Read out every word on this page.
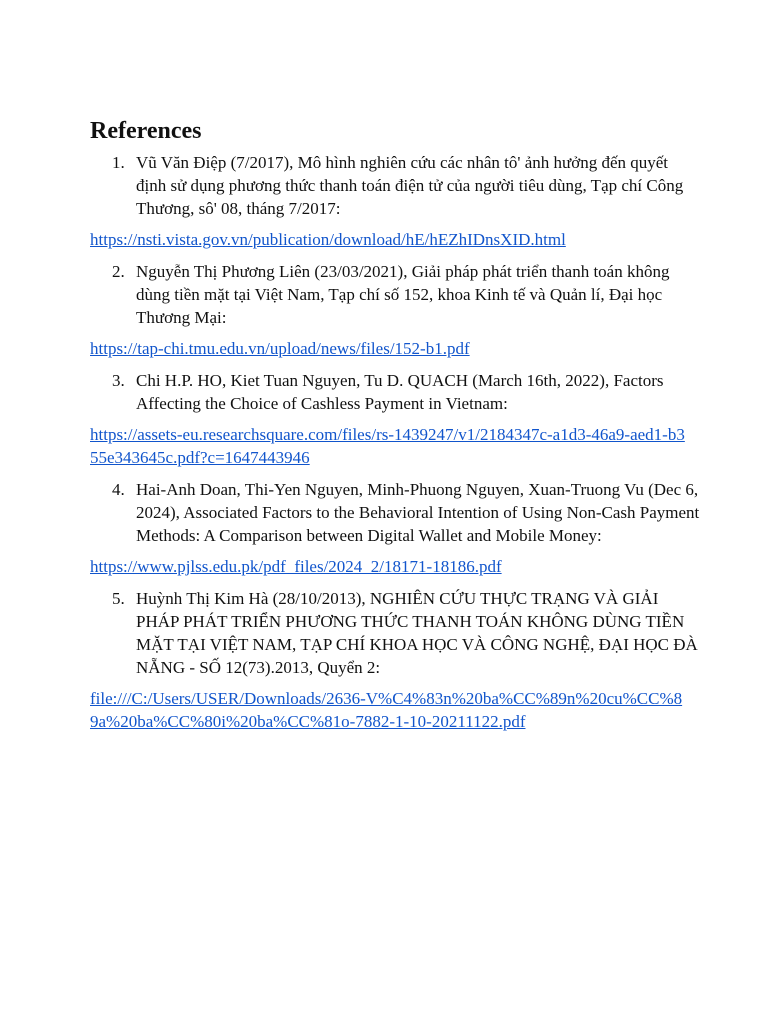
References
1. Vũ Văn Điệp (7/2017), Mô hình nghiên cứu các nhân tô' ảnh hưởng đến quyết định sử dụng phương thức thanh toán điện tử của người tiêu dùng, Tạp chí Công Thương, sô' 08, tháng 7/2017:
https://nsti.vista.gov.vn/publication/download/hE/hEZhIDnsXID.html
2. Nguyễn Thị Phương Liên (23/03/2021), Giải pháp phát triển thanh toán không dùng tiền mặt tại Việt Nam, Tạp chí số 152, khoa Kinh tế và Quản lí, Đại học Thương Mại:
https://tap-chi.tmu.edu.vn/upload/news/files/152-b1.pdf
3. Chi H.P. HO, Kiet Tuan Nguyen, Tu D. QUACH (March 16th, 2022), Factors Affecting the Choice of Cashless Payment in Vietnam:
https://assets-eu.researchsquare.com/files/rs-1439247/v1/2184347c-a1d3-46a9-aed1-b355e343645c.pdf?c=1647443946
4. Hai-Anh Doan, Thi-Yen Nguyen, Minh-Phuong Nguyen, Xuan-Truong Vu (Dec 6, 2024), Associated Factors to the Behavioral Intention of Using Non-Cash Payment Methods: A Comparison between Digital Wallet and Mobile Money:
https://www.pjlss.edu.pk/pdf_files/2024_2/18171-18186.pdf
5. Huỳnh Thị Kim Hà (28/10/2013), NGHIÊN CỨU THỰC TRẠNG VÀ GIẢI PHÁP PHÁT TRIỂN PHƯƠNG THỨC THANH TOÁN KHÔNG DÙNG TIỀN MẶT TẠI VIỆT NAM, TẠP CHÍ KHOA HỌC VÀ CÔNG NGHỆ, ĐẠI HỌC ĐÀ NẴNG - SỐ 12(73).2013, Quyển 2:
file:///C:/Users/USER/Downloads/2636-V%C4%83n%20ba%CC%89n%20cu%CC%89a%20ba%CC%80i%20ba%CC%81o-7882-1-10-20211122.pdf
